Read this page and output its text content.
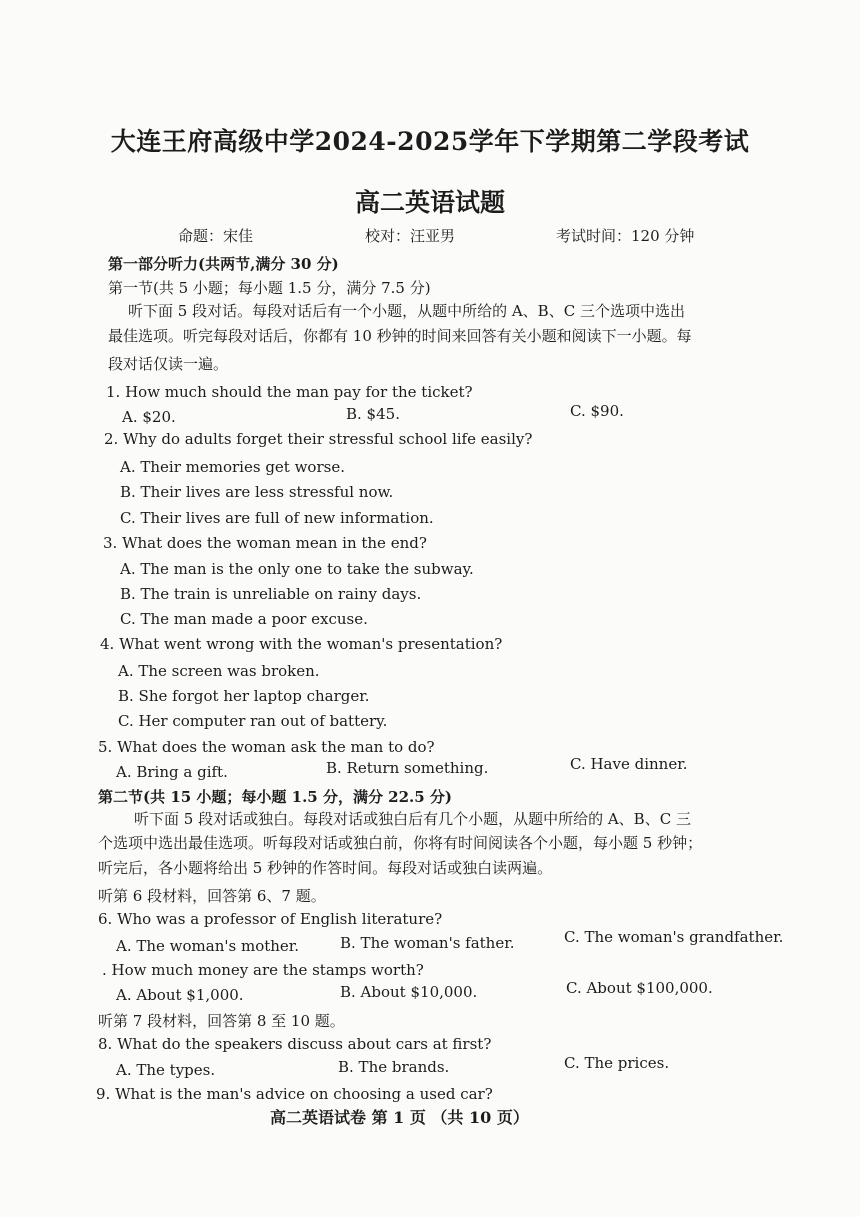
大连王府高级中学2024-2025学年下学期第二学段考试
高二英语试题
命题：宋佳	校对：汪亚男	考试时间：120 分钟
第一部分听力(共两节,满分 30 分)
第一节(共 5 小题；每小题 1.5 分，满分 7.5 分)
听下面 5 段对话。每段对话后有一个小题，从题中所给的 A、B、C 三个选项中选出
最佳选项。听完每段对话后，你都有 10 秒钟的时间来回答有关小题和阅读下一小题。每
段对话仅读一遍。
1. How much should the man pay for the ticket?
A. $20.	B. $45.	C. $90.
2. Why do adults forget their stressful school life easily?
A. Their memories get worse.
B. Their lives are less stressful now.
C. Their lives are full of new information.
3. What does the woman mean in the end?
A. The man is the only one to take the subway.
B. The train is unreliable on rainy days.
C. The man made a poor excuse.
4. What went wrong with the woman's presentation?
A. The screen was broken.
B. She forgot her laptop charger.
C. Her computer ran out of battery.
5. What does the woman ask the man to do?
A. Bring a gift.	B. Return something.	C. Have dinner.
第二节(共 15 小题；每小题 1.5 分，满分 22.5 分)
听下面 5 段对话或独白。每段对话或独白后有几个小题，从题中所给的 A、B、C 三
个选项中选出最佳选项。听每段对话或独白前，你将有时间阅读各个小题，每小题 5 秒钟；
听完后，各小题将给出 5 秒钟的作答时间。每段对话或独白读两遍。
听第 6 段材料，回答第 6、7 题。
6. Who was a professor of English literature?
A. The woman's mother.	B. The woman's father.	C. The woman's grandfather.
. How much money are the stamps worth?
A. About $1,000.	B. About $10,000.	C. About $100,000.
听第 7 段材料，回答第 8 至 10 题。
8. What do the speakers discuss about cars at first?
A. The types.	B. The brands.	C. The prices.
9. What is the man's advice on choosing a used car?
高二英语试卷 第 1 页 （共 10 页）
